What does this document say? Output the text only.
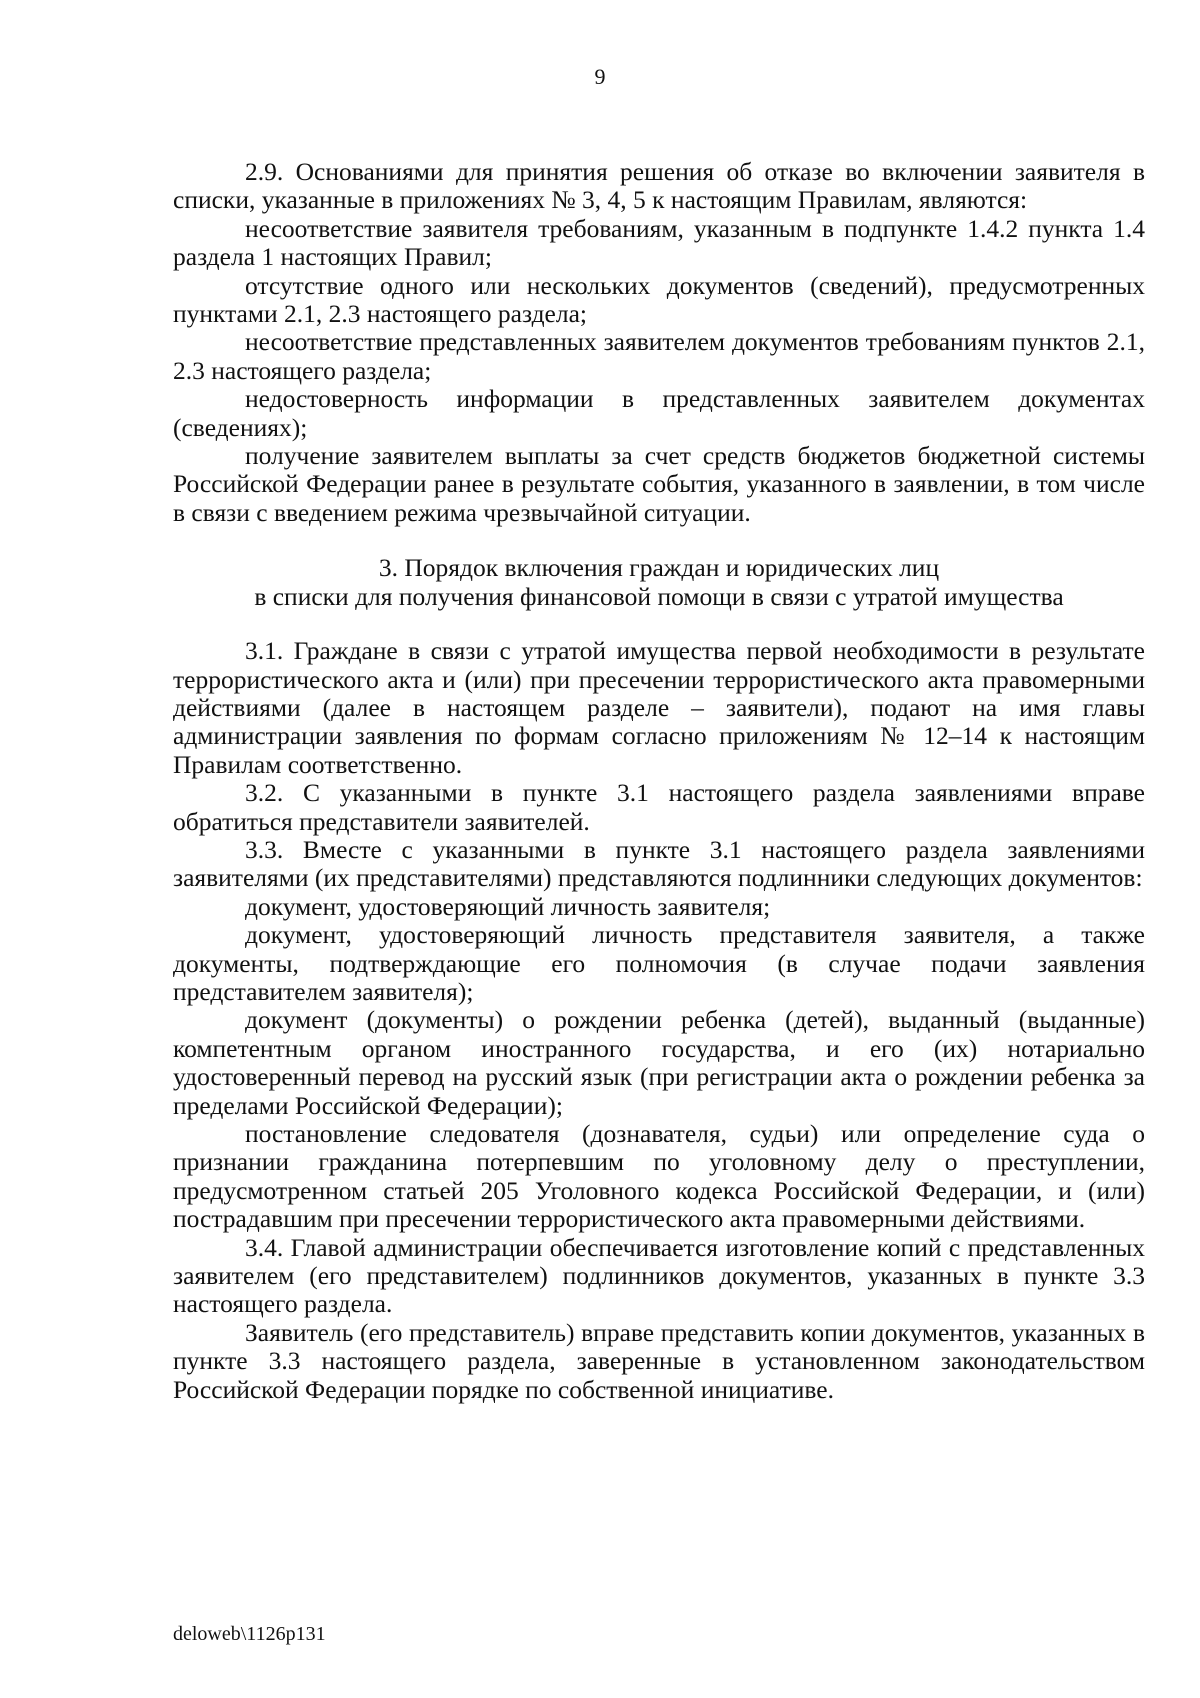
9

2.9. Основаниями для принятия решения об отказе во включении заявителя в списки, указанные в приложениях № 3, 4, 5 к настоящим Правилам, являются:

несоответствие заявителя требованиям, указанным в подпункте 1.4.2 пункта 1.4 раздела 1 настоящих Правил;

отсутствие одного или нескольких документов (сведений), предусмотренных пунктами 2.1, 2.3 настоящего раздела;

несоответствие представленных заявителем документов требованиям пунктов 2.1, 2.3 настоящего раздела;

недостоверность информации в представленных заявителем документах (сведениях);

получение заявителем выплаты за счет средств бюджетов бюджетной системы Российской Федерации ранее в результате события, указанного в заявлении, в том числе в связи с введением режима чрезвычайной ситуации.

3. Порядок включения граждан и юридических лиц
в списки для получения финансовой помощи в связи с утратой имущества

3.1. Граждане в связи с утратой имущества первой необходимости в результате террористического акта и (или) при пресечении террористического акта правомерными действиями (далее в настоящем разделе – заявители), подают на имя главы администрации заявления по формам согласно приложениям № 12–14 к настоящим Правилам соответственно.

3.2. С указанными в пункте 3.1 настоящего раздела заявлениями вправе обратиться представители заявителей.

3.3. Вместе с указанными в пункте 3.1 настоящего раздела заявлениями заявителями (их представителями) представляются подлинники следующих документов:

документ, удостоверяющий личность заявителя;

документ, удостоверяющий личность представителя заявителя, а также документы, подтверждающие его полномочия (в случае подачи заявления представителем заявителя);

документ (документы) о рождении ребенка (детей), выданный (выданные) компетентным органом иностранного государства, и его (их) нотариально удостоверенный перевод на русский язык (при регистрации акта о рождении ребенка за пределами Российской Федерации);

постановление следователя (дознавателя, судьи) или определение суда о признании гражданина потерпевшим по уголовному делу о преступлении, предусмотренном статьей 205 Уголовного кодекса Российской Федерации, и (или) пострадавшим при пресечении террористического акта правомерными действиями.

3.4. Главой администрации обеспечивается изготовление копий с представленных заявителем (его представителем) подлинников документов, указанных в пункте 3.3 настоящего раздела.

Заявитель (его представитель) вправе представить копии документов, указанных в пункте 3.3 настоящего раздела, заверенные в установленном законодательством Российской Федерации порядке по собственной инициативе.

deloweb\1126p131
